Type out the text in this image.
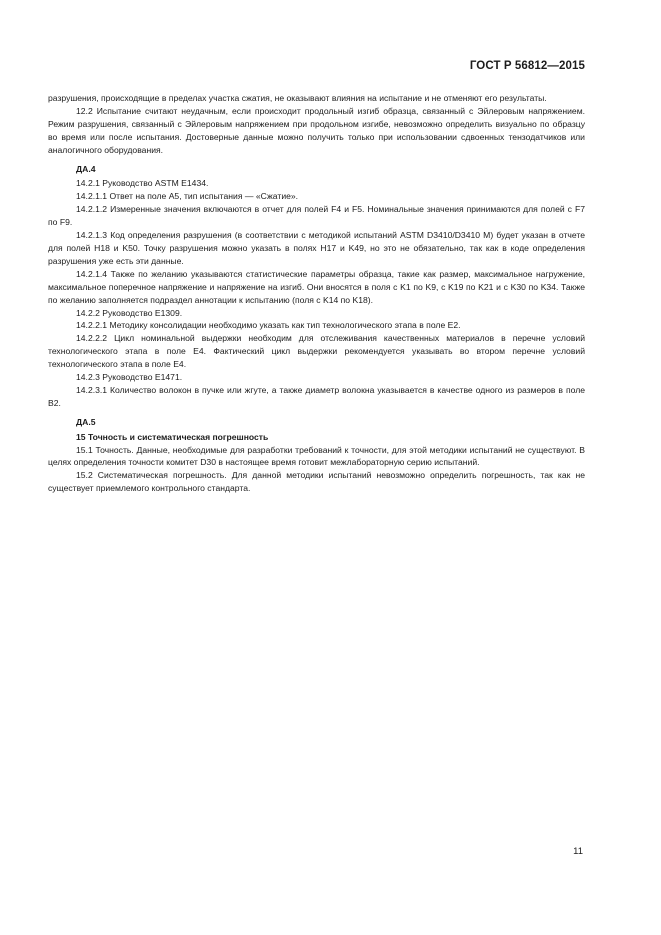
ГОСТ Р 56812—2015

разрушения, происходящие в пределах участка сжатия, не оказывают влияния на испытание и не отменяют его результаты.

12.2 Испытание считают неудачным, если происходит продольный изгиб образца, связанный с Эйлеровым напряжением. Режим разрушения, связанный с Эйлеровым напряжением при продольном изгибе, невозможно определить визуально по образцу во время или после испытания. Достоверные данные можно получить только при использовании сдвоенных тензодатчиков или аналогичного оборудования.

ДА.4

14.2.1 Руководство ASTM E1434.

14.2.1.1 Ответ на поле А5, тип испытания — «Сжатие».

14.2.1.2 Измеренные значения включаются в отчет для полей F4 и F5. Номинальные значения принимаются для полей с F7 по F9.

14.2.1.3 Код определения разрушения (в соответствии с методикой испытаний ASTM D3410/D3410 M) будет указан в отчете для полей H18 и K50. Точку разрушения можно указать в полях H17 и K49, но это не обязательно, так как в коде определения разрушения уже есть эти данные.

14.2.1.4 Также по желанию указываются статистические параметры образца, такие как размер, максимальное нагружение, максимальное поперечное напряжение и напряжение на изгиб. Они вносятся в поля с K1 по K9, с K19 по K21 и с K30 по K34. Также по желанию заполняется подраздел аннотации к испытанию (поля с K14 по K18).

14.2.2 Руководство E1309.

14.2.2.1 Методику консолидации необходимо указать как тип технологического этапа в поле E2.

14.2.2.2 Цикл номинальной выдержки необходим для отслеживания качественных материалов в перечне условий технологического этапа в поле E4. Фактический цикл выдержки рекомендуется указывать во втором перечне условий технологического этапа в поле E4.

14.2.3 Руководство E1471.

14.2.3.1 Количество волокон в пучке или жгуте, а также диаметр волокна указывается в качестве одного из размеров в поле B2.

ДА.5

15 Точность и систематическая погрешность

15.1 Точность. Данные, необходимые для разработки требований к точности, для этой методики испытаний не существуют. В целях определения точности комитет D30 в настоящее время готовит межлабораторную серию испытаний.

15.2 Систематическая погрешность. Для данной методики испытаний невозможно определить погрешность, так как не существует приемлемого контрольного стандарта.

11
